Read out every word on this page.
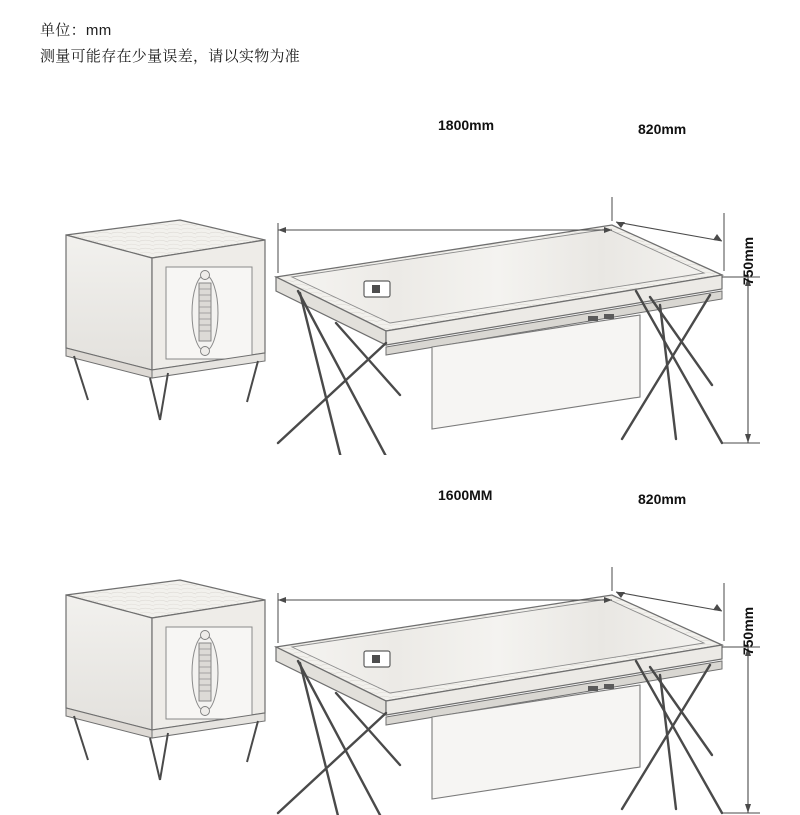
单位：mm
测量可能存在少量误差，请以实物为准
1800mm	820mm
750mm
1600MM	820mm
750mm
